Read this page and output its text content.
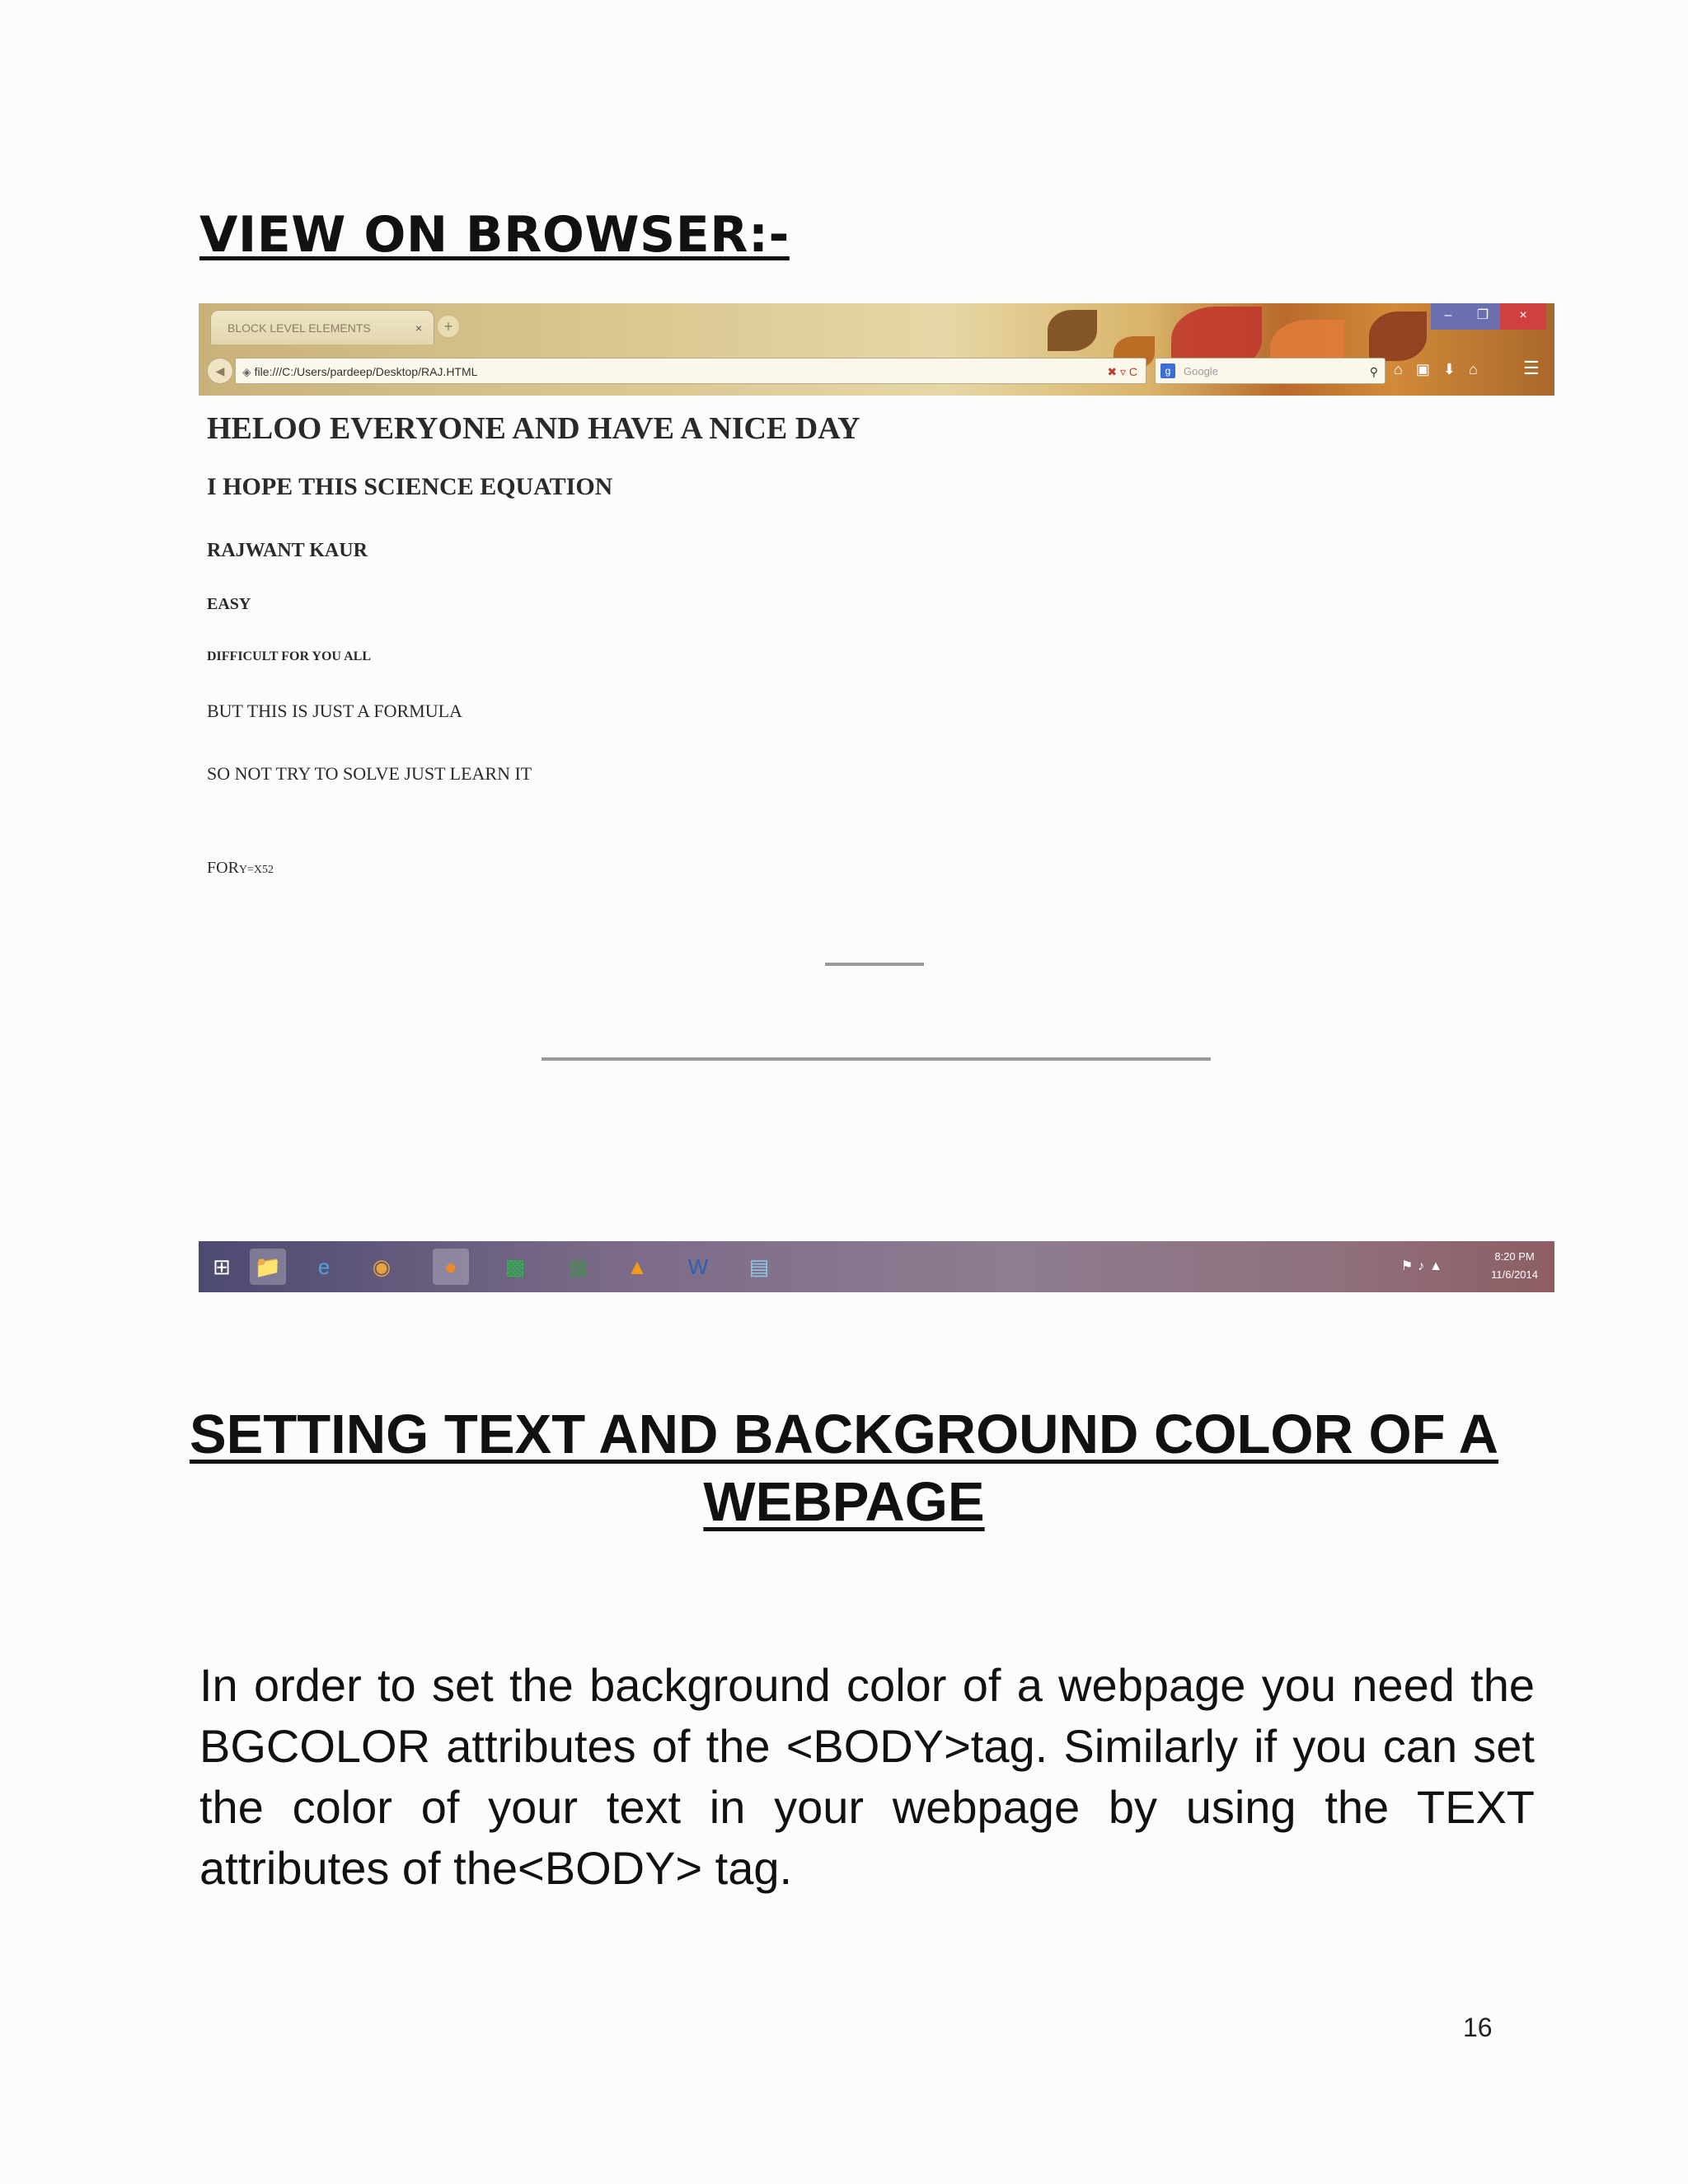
VIEW ON BROWSER:-
BLOCK LEVEL ELEMENTS	×	+
–	❐	×
◀	◈ file:///C:/Users/pardeep/Desktop/RAJ.HTML	✖ ▿ C	g	Google	⚲ ⌂ ▣ ⬇ ⌂	☰

HELOO EVERYONE AND HAVE A NICE DAY

I HOPE THIS SCIENCE EQUATION

RAJWANT KAUR

EASY

DIFFICULT FOR YOU ALL

BUT THIS IS JUST A FORMULA

SO NOT TRY TO SOLVE JUST LEARN IT

FORY=X52

⊞	📁	e	◉	●	▩	▦	▲	W	▤	⚑♪▲
8:20 PM
11/6/2014
SETTING TEXT AND BACKGROUND COLOR OF A WEBPAGE

In order to set the background color of a webpage you need the BGCOLOR attributes of the <BODY>tag. Similarly if you can set the color of your text in your webpage by using the TEXT attributes of the<BODY> tag.

16
